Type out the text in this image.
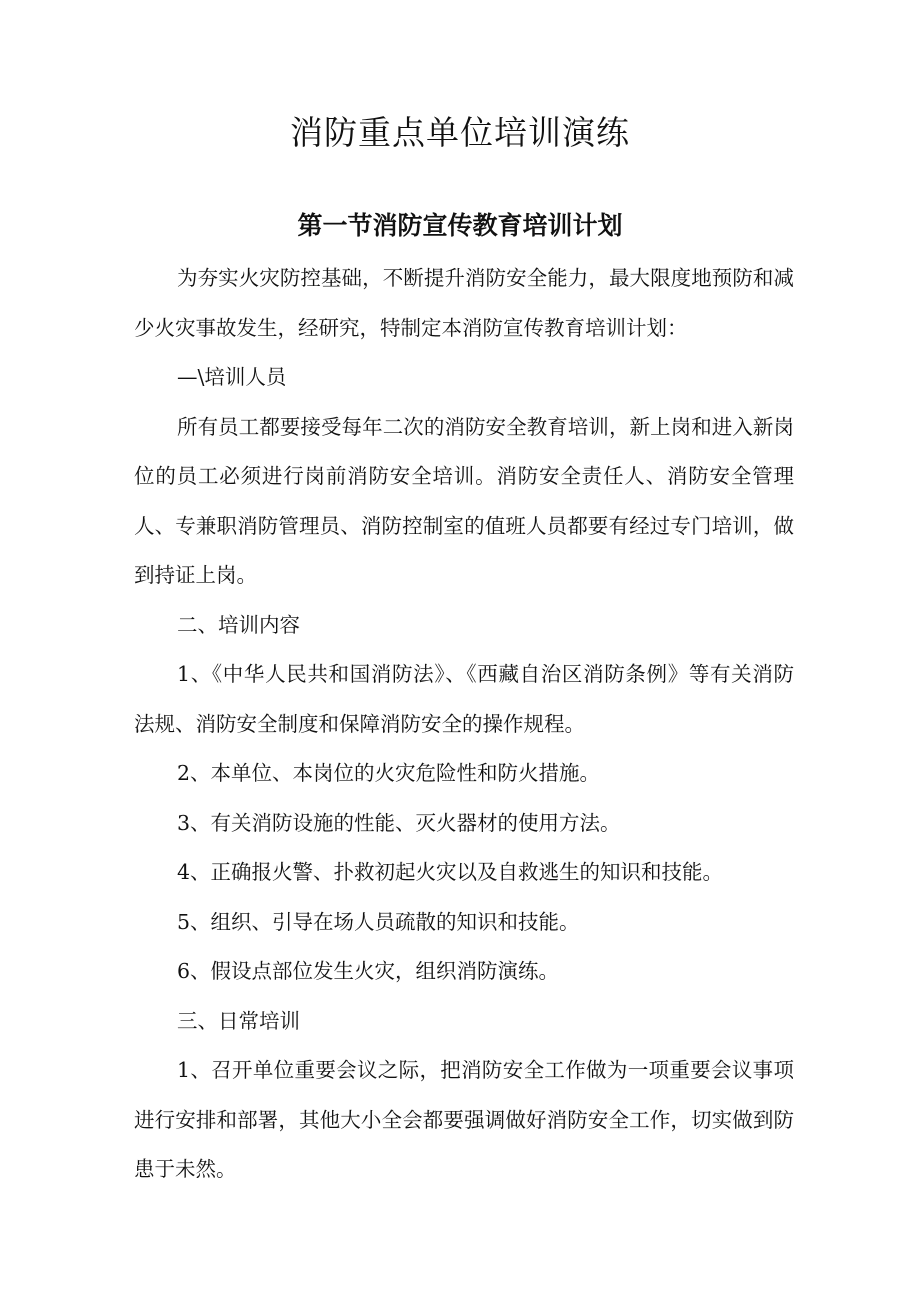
消防重点单位培训演练
第一节消防宣传教育培训计划

为夯实火灾防控基础，不断提升消防安全能力，最大限度地预防和减少火灾事故发生，经研究，特制定本消防宣传教育培训计划：

—\培训人员

所有员工都要接受每年二次的消防安全教育培训，新上岗和进入新岗位的员工必须进行岗前消防安全培训。消防安全责任人、消防安全管理人、专兼职消防管理员、消防控制室的值班人员都要有经过专门培训，做到持证上岗。

二、培训内容

1、《中华人民共和国消防法》、《西藏自治区消防条例》等有关消防法规、消防安全制度和保障消防安全的操作规程。

2、本单位、本岗位的火灾危险性和防火措施。

3、有关消防设施的性能、灭火器材的使用方法。

4、正确报火警、扑救初起火灾以及自救逃生的知识和技能。

5、组织、引导在场人员疏散的知识和技能。

6、假设点部位发生火灾，组织消防演练。

三、日常培训

1、召开单位重要会议之际，把消防安全工作做为一项重要会议事项进行安排和部署，其他大小全会都要强调做好消防安全工作，切实做到防患于未然。
